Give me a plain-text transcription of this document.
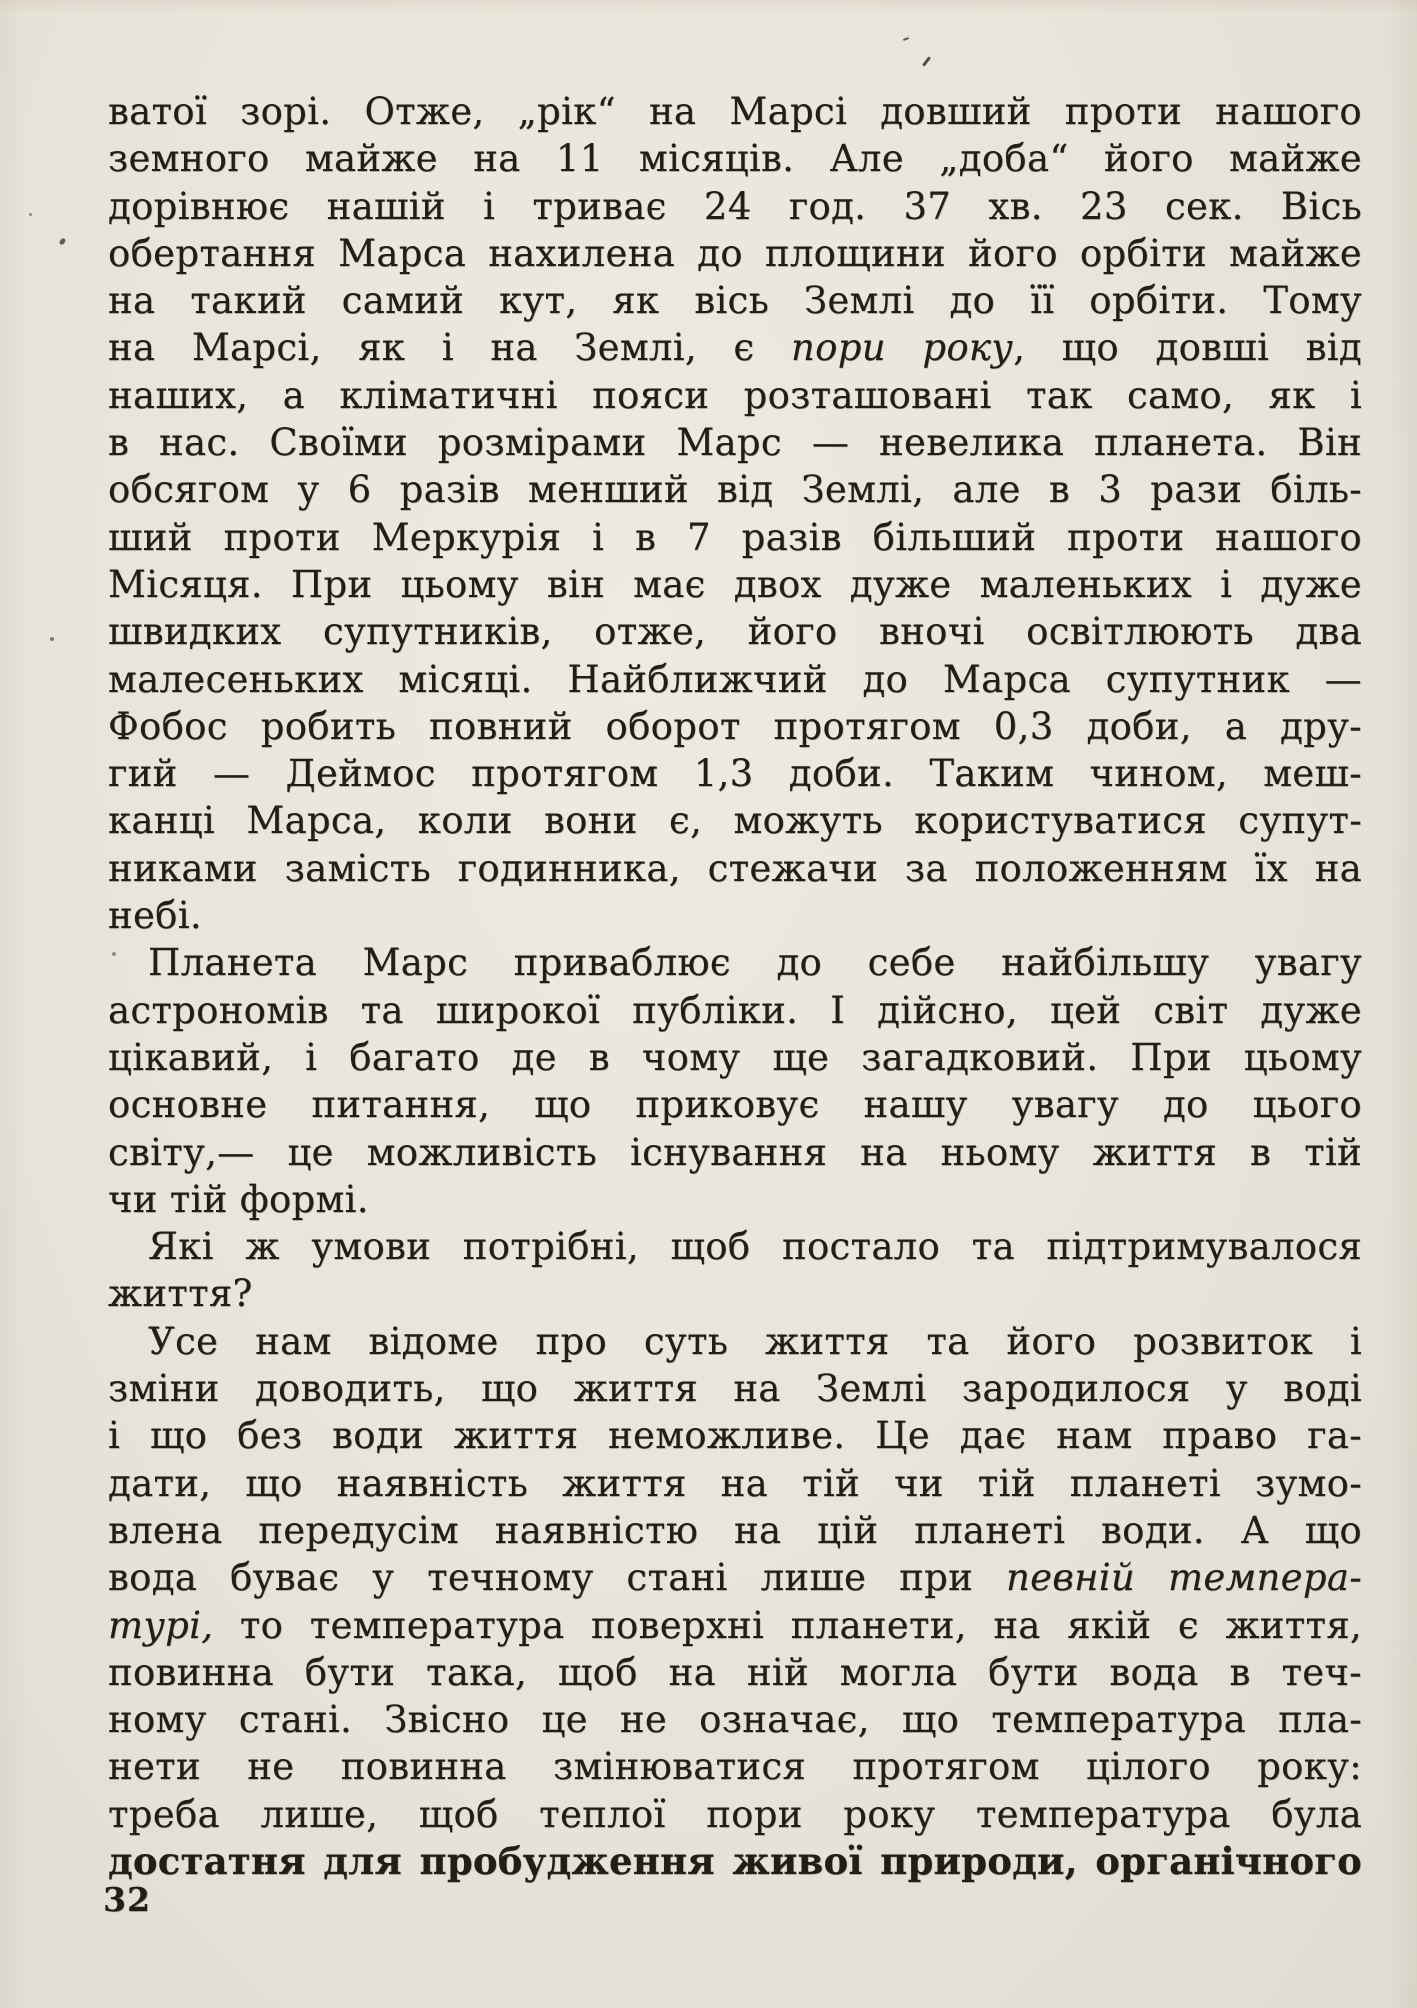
ватої зорі. Отже, „рік“ на Марсі довший проти нашого
земного майже на 11 місяців. Але „доба“ його майже
дорівнює нашій і триває 24 год. 37 хв. 23 сек. Вісь
обертання Марса нахилена до площини його орбіти майже
на такий самий кут, як вісь Землі до її орбіти. Тому
на Марсі, як і на Землі, є пори року, що довші від
наших, а кліматичні пояси розташовані так само, як і
в нас. Своїми розмірами Марс — невелика планета. Він
обсягом у 6 разів менший від Землі, але в 3 рази біль-
ший проти Меркурія і в 7 разів більший проти нашого
Місяця. При цьому він має двох дуже маленьких і дуже
швидких супутників, отже, його вночі освітлюють два
малесеньких місяці. Найближчий до Марса супутник —
Фобос робить повний оборот протягом 0,3 доби, а дру-
гий — Деймос протягом 1,3 доби. Таким чином, меш-
канці Марса, коли вони є, можуть користуватися супут-
никами замість годинника, стежачи за положенням їх на
небі.
Планета Марс приваблює до себе найбільшу увагу
астрономів та широкої публіки. І дійсно, цей світ дуже
цікавий, і багато де в чому ще загадковий. При цьому
основне питання, що приковує нашу увагу до цього
світу,— це можливість існування на ньому життя в тій
чи тій формі.
Які ж умови потрібні, щоб постало та підтримувалося
життя?
Усе нам відоме про суть життя та його розвиток і
зміни доводить, що життя на Землі зародилося у воді
і що без води життя неможливе. Це дає нам право га-
дати, що наявність життя на тій чи тій планеті зумо-
влена передусім наявністю на цій планеті води. А що
вода буває у течному стані лише при певній темпера-
турі, то температура поверхні планети, на якій є життя,
повинна бути така, щоб на ній могла бути вода в теч-
ному стані. Звісно це не означає, що температура пла-
нети не повинна змінюватися протягом цілого року:
треба лише, щоб теплої пори року температура була
достатня для пробудження живої природи, органічного
32
